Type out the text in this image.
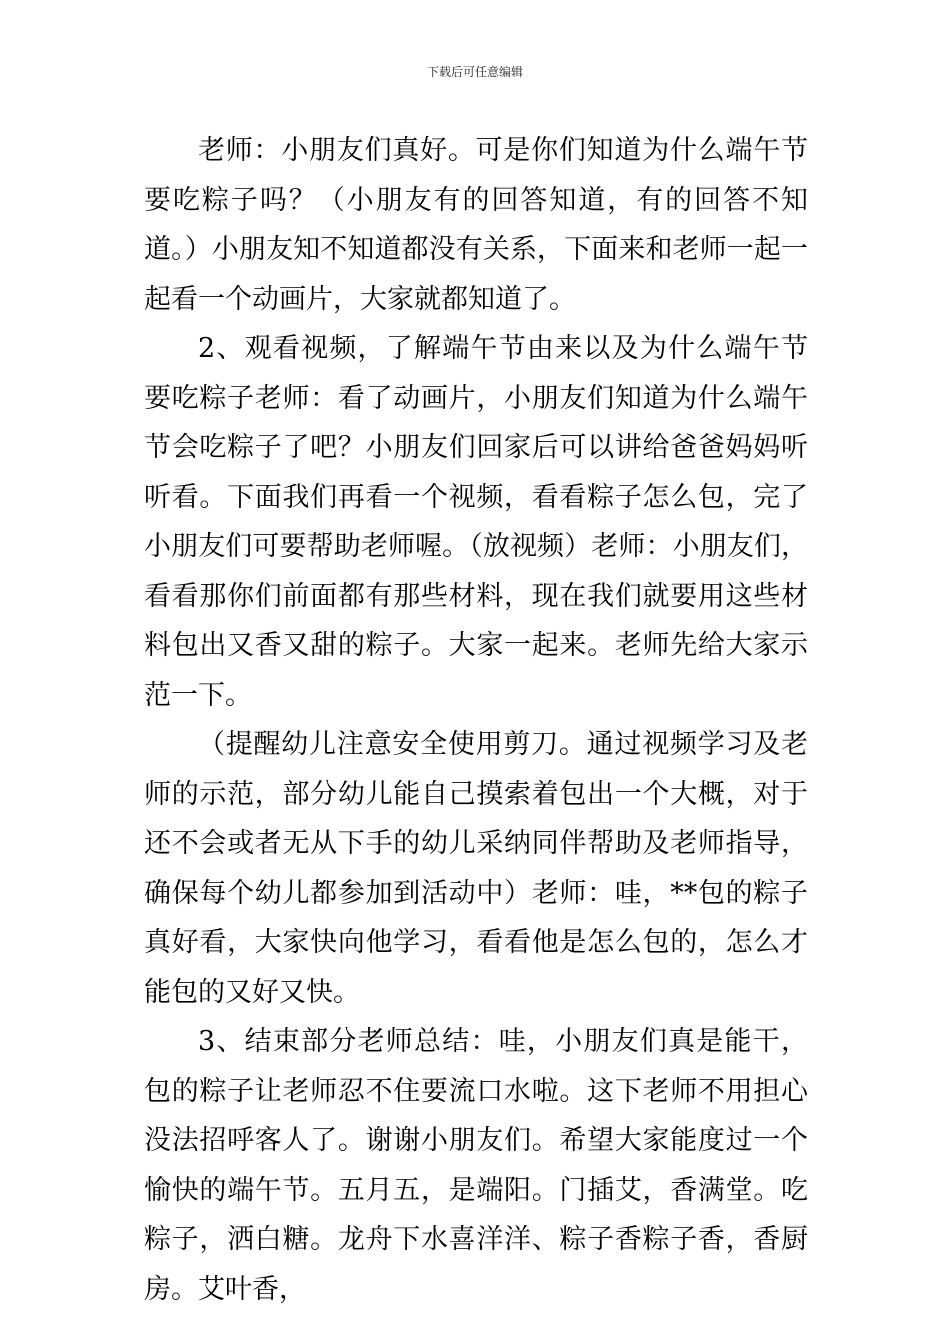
下载后可任意编辑

老师：小朋友们真好。可是你们知道为什么端午节要吃粽子吗？（小朋友有的回答知道，有的回答不知道。）小朋友知不知道都没有关系，下面来和老师一起一起看一个动画片，大家就都知道了。

2、观看视频，了解端午节由来以及为什么端午节要吃粽子老师：看了动画片，小朋友们知道为什么端午节会吃粽子了吧？小朋友们回家后可以讲给爸爸妈妈听听看。下面我们再看一个视频，看看粽子怎么包，完了小朋友们可要帮助老师喔。（放视频）老师：小朋友们，看看那你们前面都有那些材料，现在我们就要用这些材料包出又香又甜的粽子。大家一起来。老师先给大家示范一下。

（提醒幼儿注意安全使用剪刀。通过视频学习及老师的示范，部分幼儿能自己摸索着包出一个大概，对于还不会或者无从下手的幼儿采纳同伴帮助及老师指导，确保每个幼儿都参加到活动中）老师：哇，**包的粽子真好看，大家快向他学习，看看他是怎么包的，怎么才能包的又好又快。

3、结束部分老师总结：哇，小朋友们真是能干，包的粽子让老师忍不住要流口水啦。这下老师不用担心没法招呼客人了。谢谢小朋友们。希望大家能度过一个愉快的端午节。五月五，是端阳。门插艾，香满堂。吃粽子，洒白糖。龙舟下水喜洋洋、粽子香粽子香，香厨房。艾叶香，
